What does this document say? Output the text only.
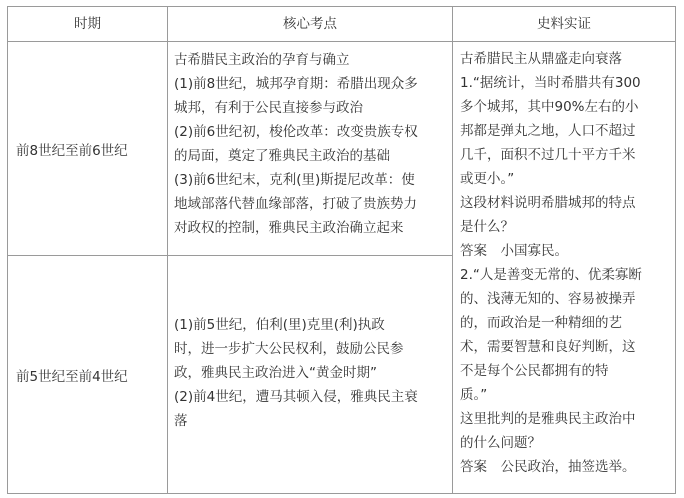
时期	核心考点	史料实证
前8世纪至前6世纪
古希腊民主政治的孕育与确立
(1)前8世纪，城邦孕育期：希腊出现众多
城邦，有利于公民直接参与政治
(2)前6世纪初，梭伦改革：改变贵族专权
的局面，奠定了雅典民主政治的基础
(3)前6世纪末，克利(里)斯提尼改革：使
地域部落代替血缘部落，打破了贵族势力
对政权的控制，雅典民主政治确立起来
前5世纪至前4世纪
(1)前5世纪，伯利(里)克里(利)执政
时，进一步扩大公民权利，鼓励公民参
政，雅典民主政治进入“黄金时期”
(2)前4世纪，遭马其顿入侵，雅典民主衰
落
古希腊民主从鼎盛走向衰落
1.“据统计，当时希腊共有300
多个城邦，其中90%左右的小
邦都是弹丸之地，人口不超过
几千，面积不过几十平方千米
或更小。”
这段材料说明希腊城邦的特点
是什么？
答案　小国寡民。
2.“人是善变无常的、优柔寡断
的、浅薄无知的、容易被操弄
的，而政治是一种精细的艺
术，需要智慧和良好判断，这
不是每个公民都拥有的特
质。”
这里批判的是雅典民主政治中
的什么问题？
答案　公民政治，抽签选举。
